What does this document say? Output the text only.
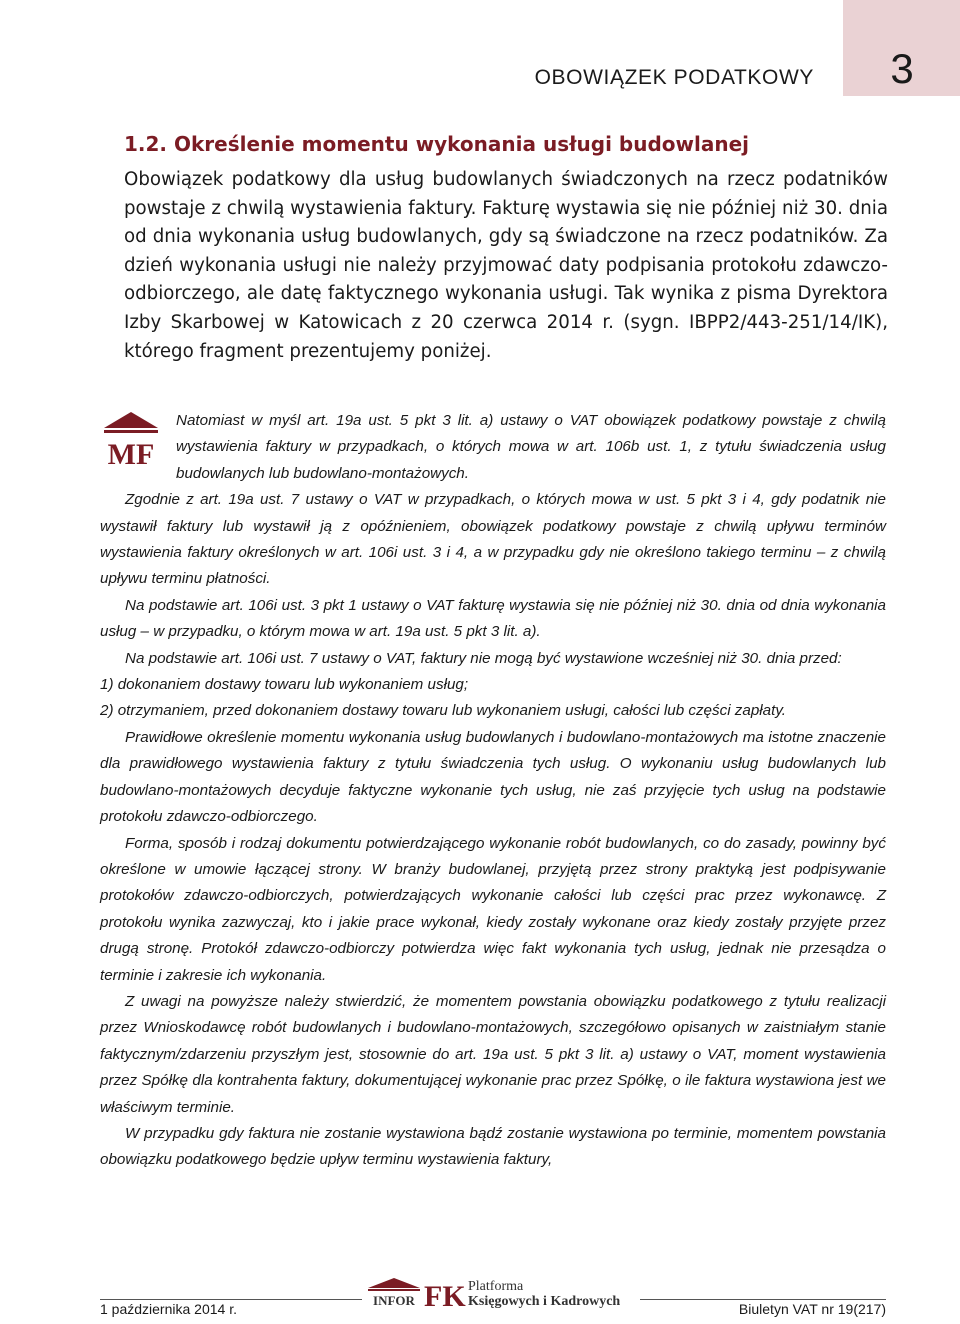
3
OBOWIĄZEK PODATKOWY
1.2. Określenie momentu wykonania usługi budowlanej

Obowiązek podatkowy dla usług budowlanych świadczonych na rzecz podatników powstaje z chwilą wystawienia faktury. Fakturę wystawia się nie później niż 30. dnia od dnia wykonania usług budowlanych, gdy są świadczone na rzecz podatników. Za dzień wykonania usługi nie należy przyjmować daty podpisania protokołu zdawczo-odbiorczego, ale datę faktycznego wykonania usługi. Tak wynika z pisma Dyrektora Izby Skarbowej w Katowicach z 20 czerwca 2014 r. (sygn. IBPP2/443-251/14/IK), którego fragment prezentujemy poniżej.

MF

Natomiast w myśl art. 19a ust. 5 pkt 3 lit. a) ustawy o VAT obowiązek podatkowy powstaje z chwilą wystawienia faktury w przypadkach, o których mowa w art. 106b ust. 1, z tytułu świadczenia usług budowlanych lub budowlano-montażowych.

Zgodnie z art. 19a ust. 7 ustawy o VAT w przypadkach, o których mowa w ust. 5 pkt 3 i 4, gdy podatnik nie wystawił faktury lub wystawił ją z opóźnieniem, obowiązek podatkowy powstaje z chwilą upływu terminów wystawienia faktury określonych w art. 106i ust. 3 i 4, a w przypadku gdy nie określono takiego terminu – z chwilą upływu terminu płatności.

Na podstawie art. 106i ust. 3 pkt 1 ustawy o VAT fakturę wystawia się nie później niż 30. dnia od dnia wykonania usług – w przypadku, o którym mowa w art. 19a ust. 5 pkt 3 lit. a).

Na podstawie art. 106i ust. 7 ustawy o VAT, faktury nie mogą być wystawione wcześniej niż 30. dnia przed:

1) dokonaniem dostawy towaru lub wykonaniem usług;

2) otrzymaniem, przed dokonaniem dostawy towaru lub wykonaniem usługi, całości lub części zapłaty.

Prawidłowe określenie momentu wykonania usług budowlanych i budowlano-montażowych ma istotne znaczenie dla prawidłowego wystawienia faktury z tytułu świadczenia tych usług. O wykonaniu usług budowlanych lub budowlano-montażowych decyduje faktyczne wykonanie tych usług, nie zaś przyjęcie tych usług na podstawie protokołu zdawczo-odbiorczego.

Forma, sposób i rodzaj dokumentu potwierdzającego wykonanie robót budowlanych, co do zasady, powinny być określone w umowie łączącej strony. W branży budowlanej, przyjętą przez strony praktyką jest podpisywanie protokołów zdawczo-odbiorczych, potwierdzających wykonanie całości lub części prac przez wykonawcę. Z protokołu wynika zazwyczaj, kto i jakie prace wykonał, kiedy zostały wykonane oraz kiedy zostały przyjęte przez drugą stronę. Protokół zdawczo-odbiorczy potwierdza więc fakt wykonania tych usług, jednak nie przesądza o terminie i zakresie ich wykonania.

Z uwagi na powyższe należy stwierdzić, że momentem powstania obowiązku podatkowego z tytułu realizacji przez Wnioskodawcę robót budowlanych i budowlano-montażowych, szczegółowo opisanych w zaistniałym stanie faktycznym/zdarzeniu przyszłym jest, stosownie do art. 19a ust. 5 pkt 3 lit. a) ustawy o VAT, moment wystawienia przez Spółkę dla kontrahenta faktury, dokumentującej wykonanie prac przez Spółkę, o ile faktura wystawiona jest we właściwym terminie.

W przypadku gdy faktura nie zostanie wystawiona bądź zostanie wystawiona po terminie, momentem powstania obowiązku podatkowego będzie upływ terminu wystawienia faktury,

INFOR FK Platforma
Księgowych i Kadrowych
1 października 2014 r.	Biuletyn VAT nr 19(217)
